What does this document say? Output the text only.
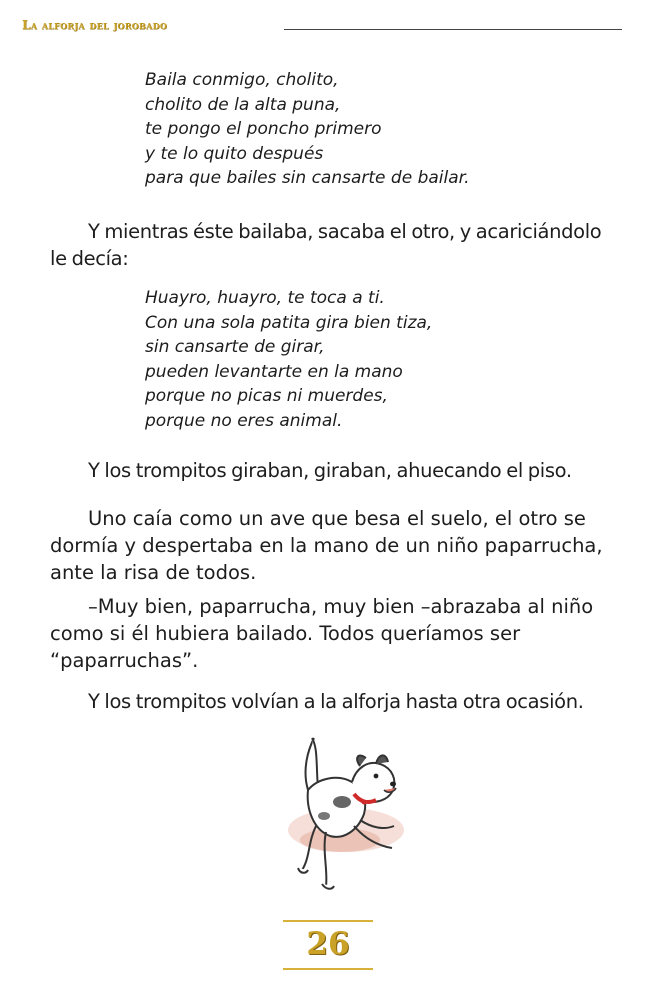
La alforja del jorobado
Baila conmigo, cholito,
cholito de la alta puna,
te pongo el poncho primero
y te lo quito después
para que bailes sin cansarte de bailar.

Y mientras éste bailaba, sacaba el otro, y acariciándolo le decía:

Huayro, huayro, te toca a ti.
Con una sola patita gira bien tiza,
sin cansarte de girar,
pueden levantarte en la mano
porque no picas ni muerdes,
porque no eres animal.

Y los trompitos giraban, giraban, ahuecando el piso.

Uno caía como un ave que besa el suelo, el otro se dormía y despertaba en la mano de un niño paparrucha, ante la risa de todos.

–Muy bien, paparrucha, muy bien –abrazaba al niño como si él hubiera bailado. Todos queríamos ser “paparruchas”.

Y los trompitos volvían a la alforja hasta otra ocasión.

26
